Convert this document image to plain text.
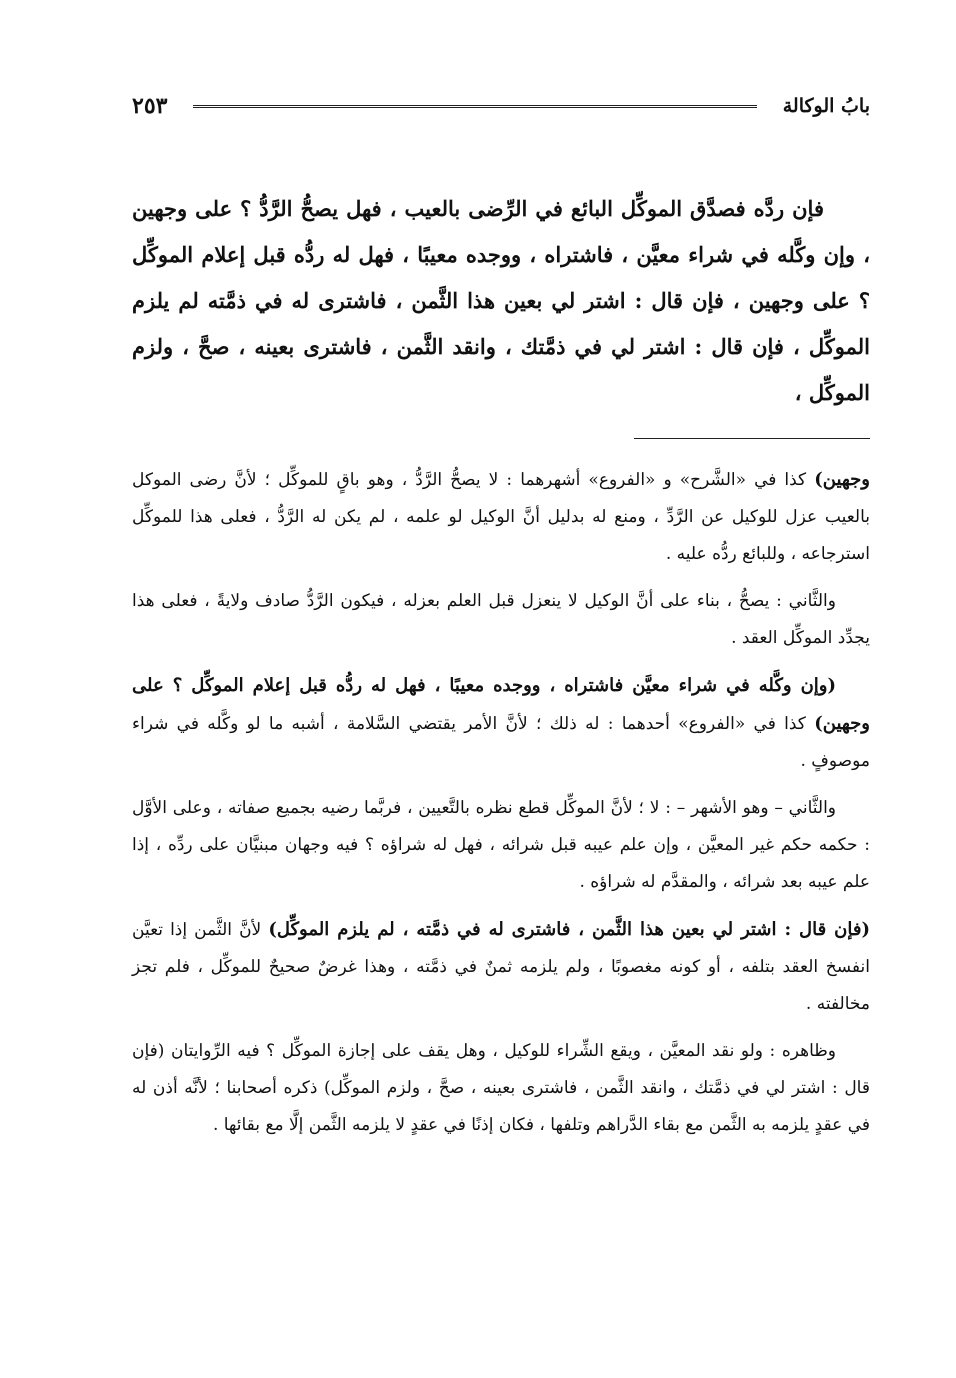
بابُ الوكالة
٢٥٣
فإن ردَّه فصدَّق الموكِّل البائع في الرِّضى بالعيب ، فهل يصحُّ الرَّدُّ ؟ على وجهين ، وإن وكَّله في شراء معيَّن ، فاشتراه ، ووجده معيبًا ، فهل له ردُّه قبل إعلام الموكِّل ؟ على وجهين ، فإن قال : اشتر لي بعين هذا الثَّمن ، فاشترى له في ذمَّته لم يلزم الموكِّل ، فإن قال : اشتر لي في ذمَّتك ، وانقد الثَّمن ، فاشترى بعينه ، صحَّ ، ولزم الموكِّل ،

وجهين) كذا في «الشَّرح» و «الفروع» أشهرهما : لا يصحُّ الرَّدُّ ، وهو باقٍ للموكِّل ؛ لأنَّ رضى الموكل بالعيب عزل للوكيل عن الرَّدِّ ، ومنع له بدليل أنَّ الوكيل لو علمه ، لم يكن له الرَّدُّ ، فعلى هذا للموكِّل استرجاعه ، وللبائع ردُّه عليه .

والثَّاني : يصحُّ ، بناء على أنَّ الوكيل لا ينعزل قبل العلم بعزله ، فيكون الرَّدُّ صادف ولايةً ، فعلى هذا يجدِّد الموكِّل العقد .

(وإن وكَّله في شراء معيَّن فاشتراه ، ووجده معيبًا ، فهل له ردُّه قبل إعلام الموكِّل ؟ على وجهين) كذا في «الفروع» أحدهما : له ذلك ؛ لأنَّ الأمر يقتضي السَّلامة ، أشبه ما لو وكَّله في شراء موصوفٍ .

والثَّاني – وهو الأشهر – : لا ؛ لأنَّ الموكِّل قطع نظره بالتَّعيين ، فربَّما رضيه بجميع صفاته ، وعلى الأوَّل : حكمه حكم غير المعيَّن ، وإن علم عيبه قبل شرائه ، فهل له شراؤه ؟ فيه وجهان مبنيَّان على ردِّه ، إذا علم عيبه بعد شرائه ، والمقدَّم له شراؤه .

(فإن قال : اشتر لي بعين هذا الثَّمن ، فاشترى له في ذمَّته ، لم يلزم الموكِّل) لأنَّ الثَّمن إذا تعيَّن انفسخ العقد بتلفه ، أو كونه مغصوبًا ، ولم يلزمه ثمنٌ في ذمَّته ، وهذا غرضٌ صحيحٌ للموكِّل ، فلم تجز مخالفته .

وظاهره : ولو نقد المعيَّن ، ويقع الشِّراء للوكيل ، وهل يقف على إجازة الموكِّل ؟ فيه الرِّوايتان (فإن قال : اشتر لي في ذمَّتك ، وانقد الثَّمن ، فاشترى بعينه ، صحَّ ، ولزم الموكِّل) ذكره أصحابنا ؛ لأنَّه أذن له في عقدٍ يلزمه به الثَّمن مع بقاء الدَّراهم وتلفها ، فكان إذنًا في عقدٍ لا يلزمه الثَّمن إلَّا مع بقائها .
